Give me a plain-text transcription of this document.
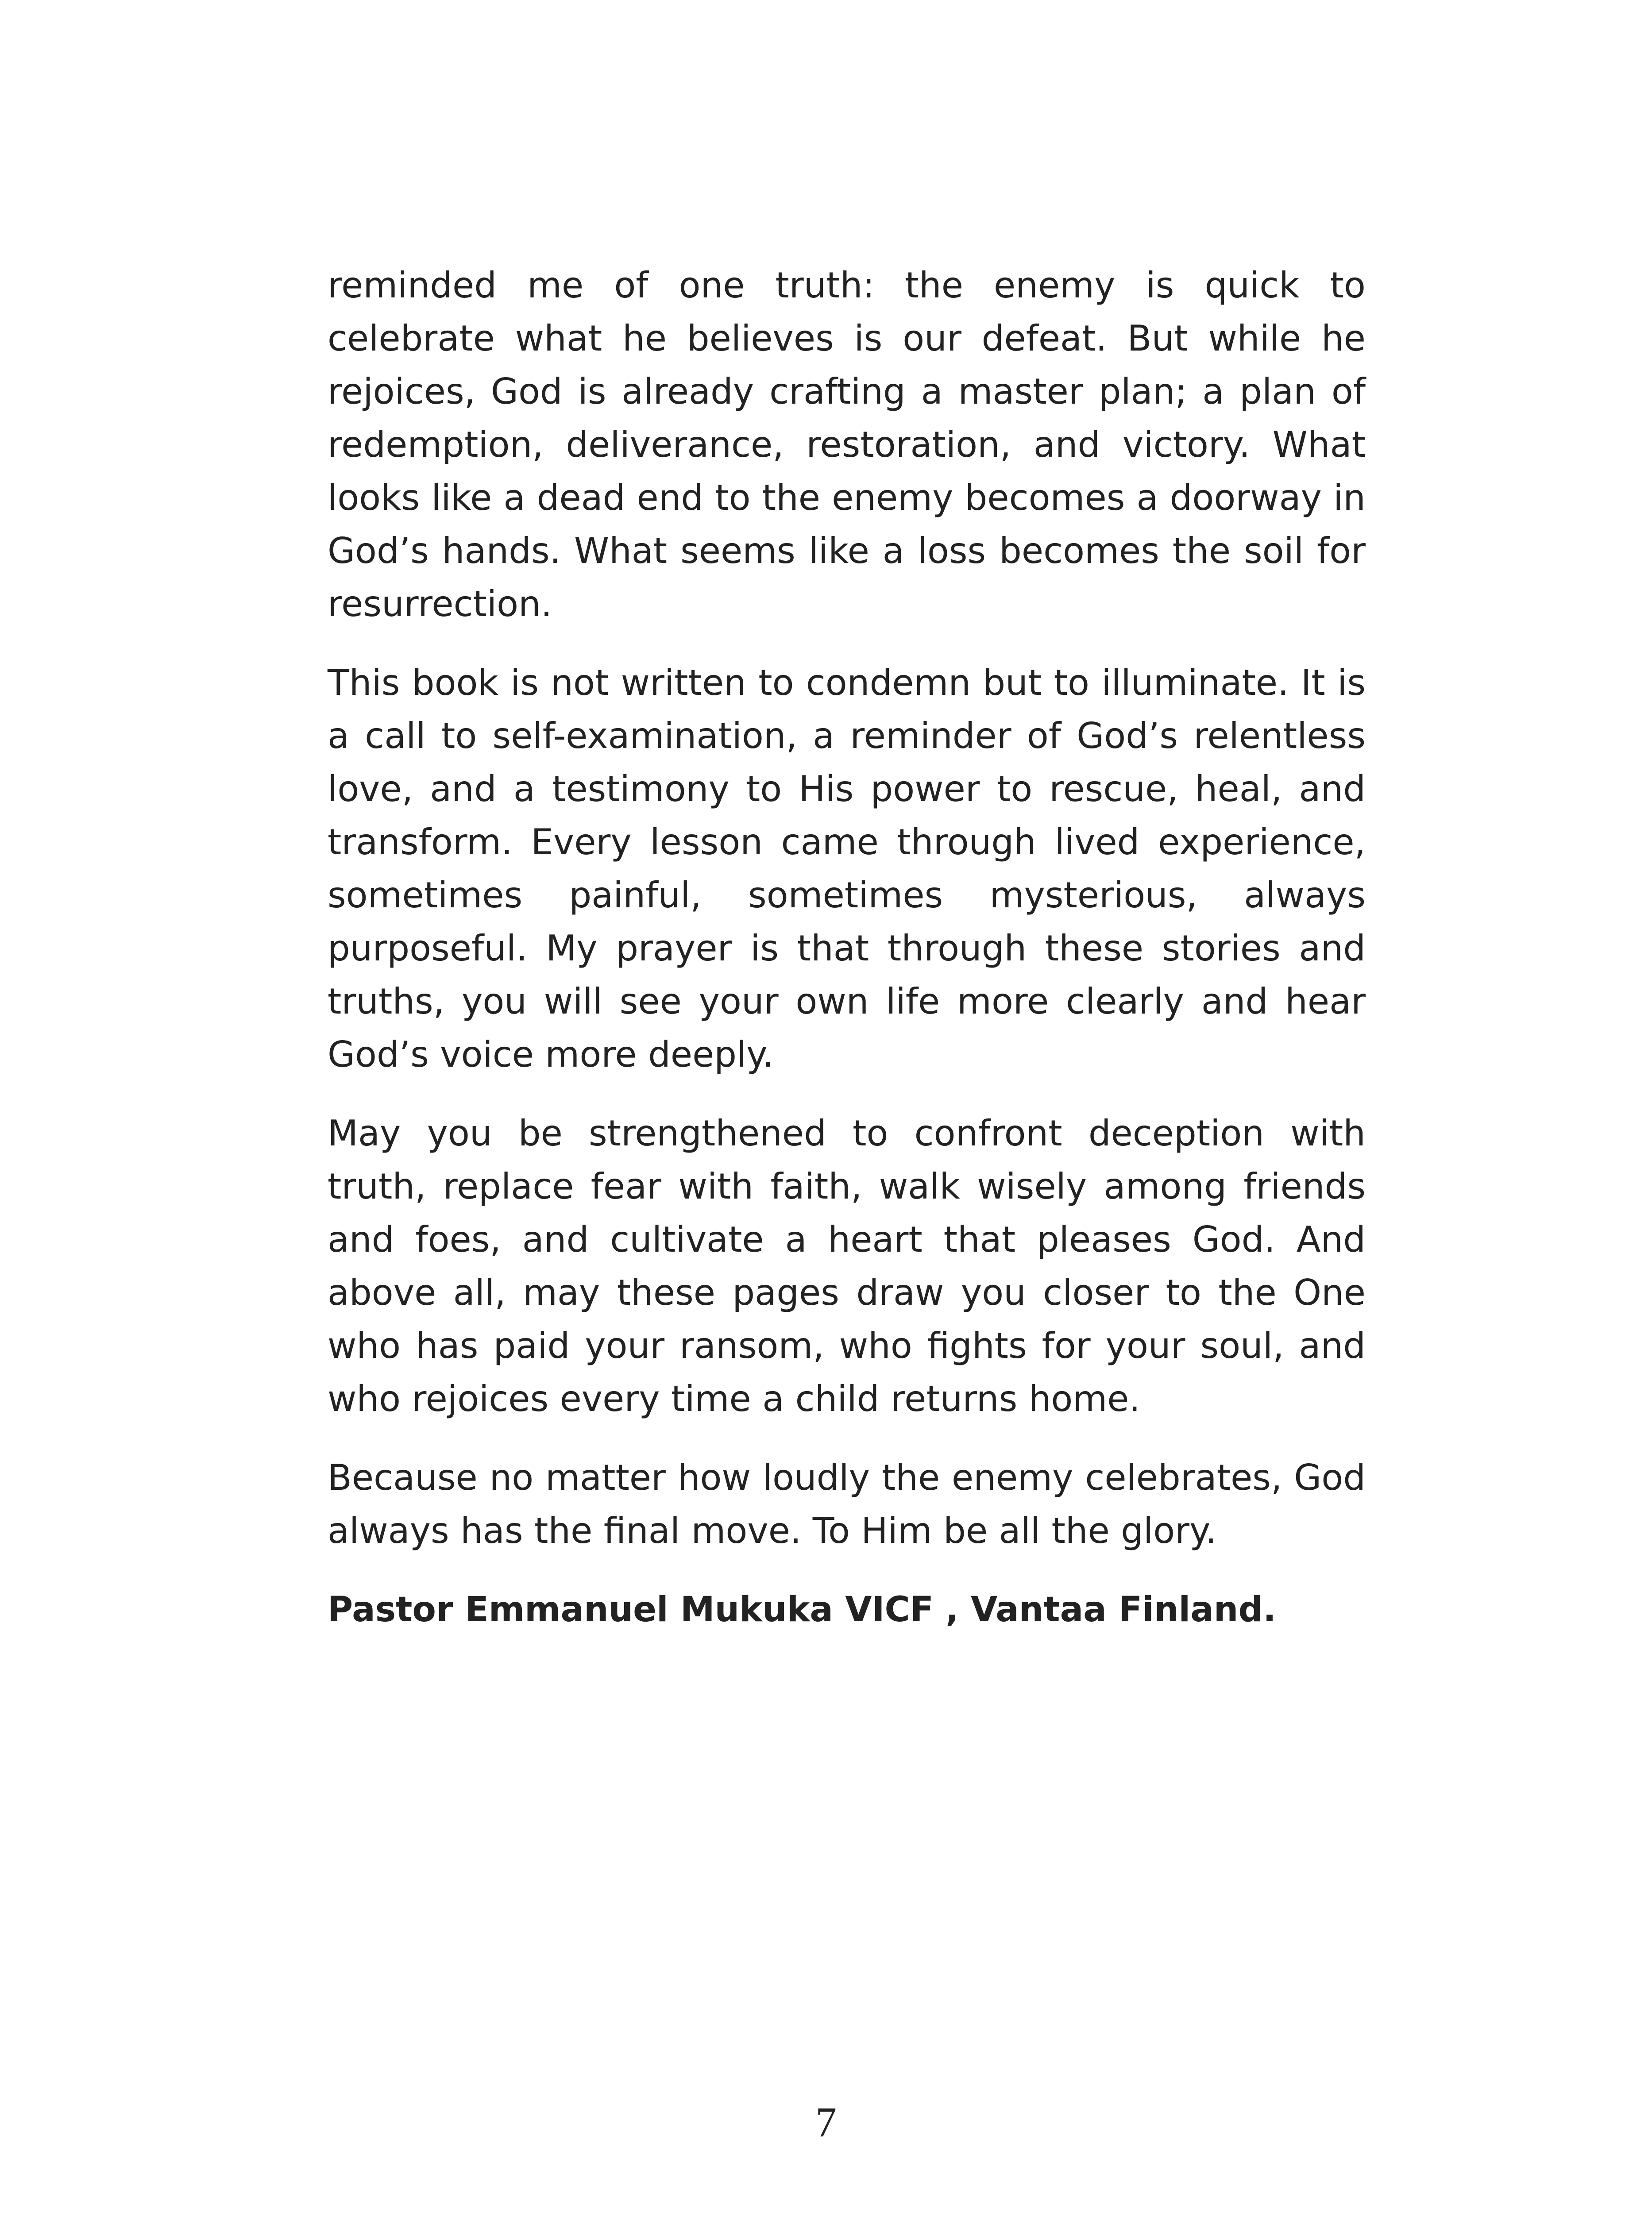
reminded me of one truth: the enemy is quick to celebrate what he believes is our defeat. But while he rejoices, God is already crafting a master plan; a plan of redemption, deliverance, restoration, and victory. What looks like a dead end to the enemy becomes a doorway in God’s hands. What seems like a loss becomes the soil for resurrection.

This book is not written to condemn but to illuminate. It is a call to self-examination, a reminder of God’s relentless love, and a testimony to His power to rescue, heal, and transform. Every lesson came through lived experience, sometimes painful, sometimes mysterious, always purposeful. My prayer is that through these stories and truths, you will see your own life more clearly and hear God’s voice more deeply.

May you be strengthened to confront deception with truth, replace fear with faith, walk wisely among friends and foes, and cultivate a heart that pleases God. And above all, may these pages draw you closer to the One who has paid your ransom, who fights for your soul, and who rejoices every time a child returns home.

Because no matter how loudly the enemy celebrates, God always has the final move. To Him be all the glory.

Pastor Emmanuel Mukuka VICF , Vantaa Finland.

7
